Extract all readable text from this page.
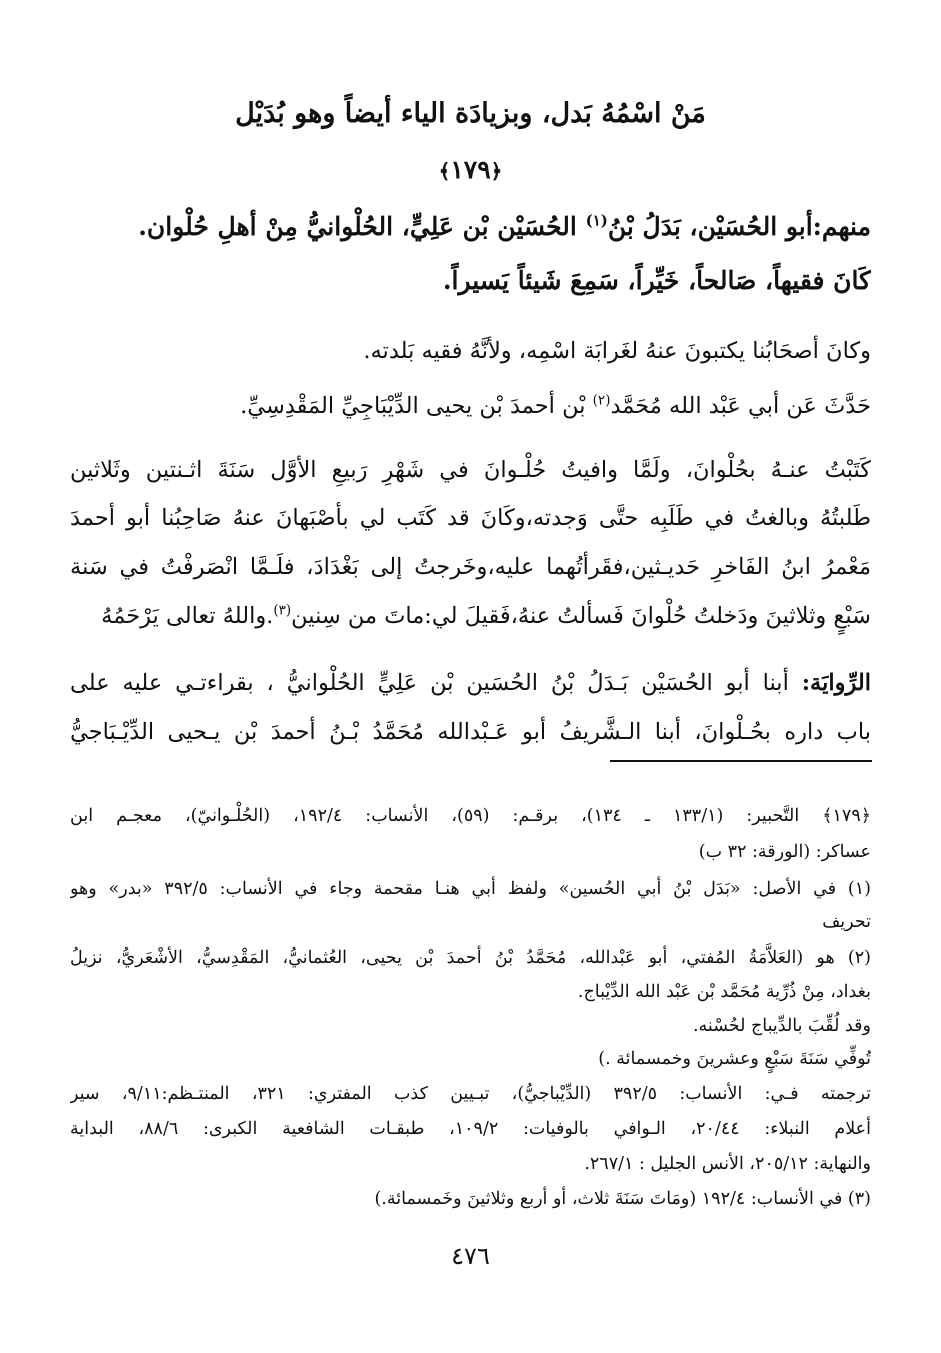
مَنْ اسْمُهُ بَدل، وبزيادَة الياء أيضاً وهو بُدَيْل
﴿١٧٩﴾
منهم:أبو الحُسَيْن، بَدَلُ بْنُ$^{(١)}$ الحُسَيْن بْن عَلِيٍّ، الحُلْوانيُّ مِنْ أهلِ حُلْوان.
كَانَ فقيهاً، صَالحاً، خَيِّراً، سَمِعَ شَيئاً يَسيراً.
وكانَ أصحَابُنا يكتبونَ عنهُ لغَرابَة اسْمِه، ولأنَّهُ فقيه بَلدته.
حَدَّثَ عَن أبي عَبْد الله مُحَمَّد$^{(٢)}$ بْن أحمدَ بْن يحيى الدِّيْبَاجِيِّ المَقْدِسِيِّ.
كَتَبْتُ عنـهُ بحُلْوانَ، ولَمَّا وافيتُ حُلْـوانَ في شَهْرِ رَبيعِ الأوَّل سَنَةَ اثـنتين وثَلاثين
طَلبتُهُ وبالغتُ في طَلَبِه حتَّى وَجدته،وكَانَ قد كَتَب لي بأصْبَهانَ عنهُ صَاحِبُنا أبو أحمدَ
مَعْمرُ ابنُ الفَاخرِ حَديـثين،فقَرأتُهما عليه،وخَرجتُ إلى بَغْدَادَ، فلَـمَّا انْصَرفْتُ في سَنة
سَبْعٍ وثلاثينَ ودَخلتُ حُلْوانَ فَسألتُ عنهُ،فَقيلَ لي:ماتَ من سِنين$^{(٣)}$.واللهُ تعالى يَرْحَمُهُ
الرِّوايَة: أبنا أبو الحُسَيْن بَـدَلُ بْنُ الحُسَين بْن عَلِيٍّ الحُلْوانيُّ ، بقراءتـي عليه على
باب داره بحُـلْوانَ، أبنا الـشَّريفُ أبو عَـبْدالله مُحَمَّدُ بْـنُ أحمدَ بْن يـحيى الدِّيْـبَاجيُّ
﴿١٧٩﴾ التَّحبير: (١٣٣/١ ـ ١٣٤)، برقـم: (٥٩)، الأنساب: ١٩٢/٤، (الحُلْـوانيّ)، معجـم ابن
عساكر: (الورقة: ٣٢ ب)
(١) في الأصل: «بَدَل بْنُ أبي الحُسين» ولفظ أبي هنـا مقحمة وجاء في الأنساب: ٣٩٢/٥ «بدر» وهو
تحريف
(٢) هو (العَلاَّمَةُ المُفتي، أبو عَبْدالله، مُحَمَّدُ بْنُ أحمدَ بْن يحيى، العُثمانيُّ، المَقْدِسيُّ، الأشْعَريُّ، نزيلُ
بغداد، مِنْ ذُرِّية مُحَمَّد بْن عَبْد الله الدِّيْباج.
وقد لُقِّبَ بالدِّيباج لحُسْنه.
تُوفِّي سَنَةَ سَبْعٍ وعشرينَ وخمسمائة .)
ترجمته فـي: الأنساب: ٣٩٢/٥ (الدِّيْباجيُّ)، تبـيين كذب المفتري: ٣٢١، المنتـظم:٩/١١، سير
أعلام النبلاء: ٢٠/٤٤، الـوافي بالوفيات: ١٠٩/٢، طبقـات الشافعية الكبرى: ٨٨/٦، البداية
والنهاية: ٢٠٥/١٢، الأنس الجليل : ٢٦٧/١.
(٣) في الأنساب: ١٩٢/٤ (ومَاتَ سَنَةَ ثلاث، أو أربع وثلاثينَ وخَمسمائة.)
٤٧٦
